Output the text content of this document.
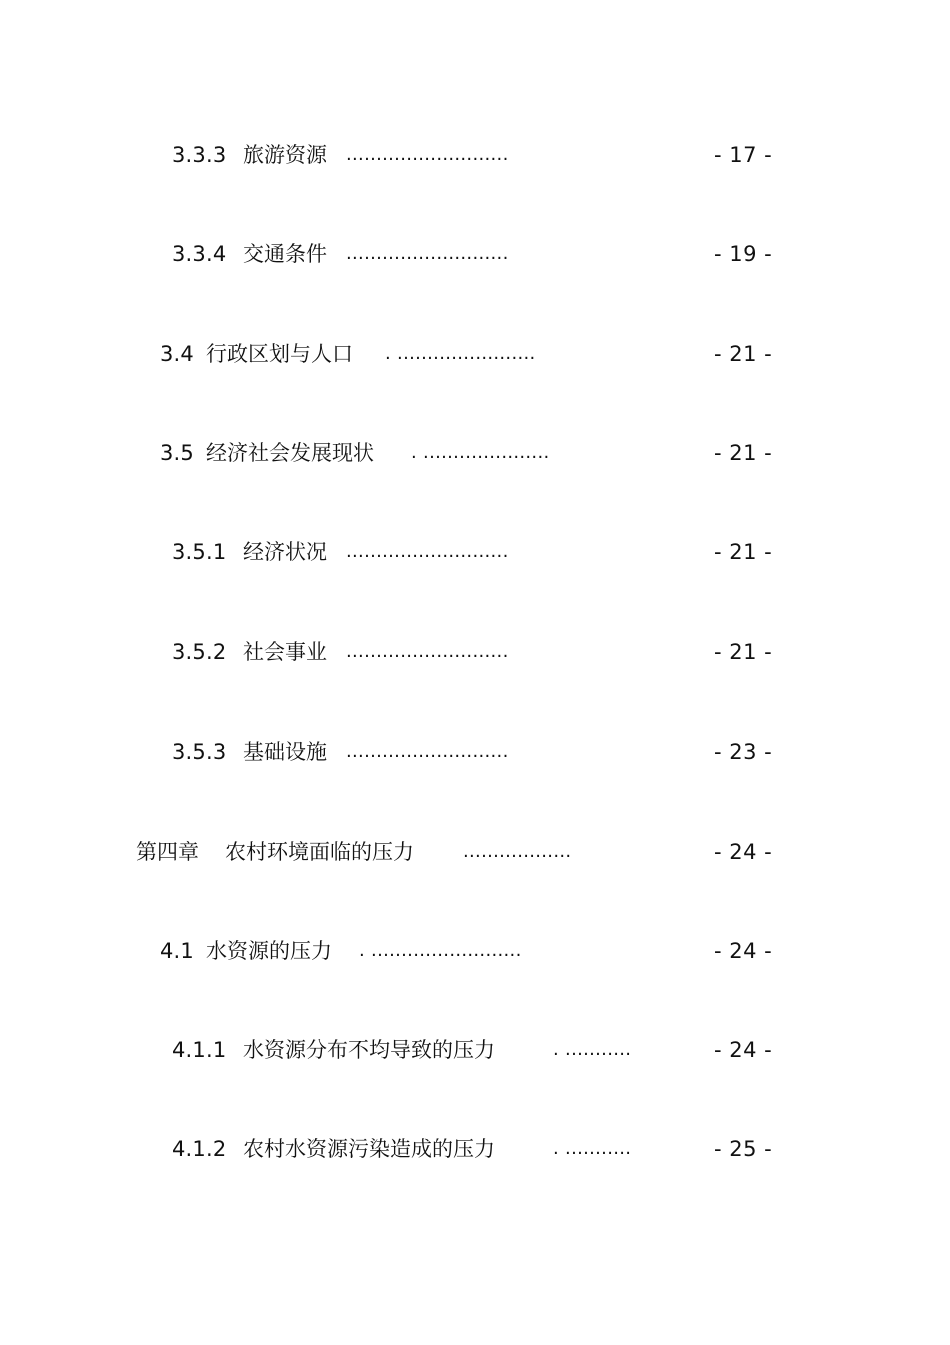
3.3.3 旅游资源 ...........................	- 17 -
3.3.4 交通条件 ...........................	- 19 -
3.4 行政区划与人口 . .......................	- 21 -
3.5 经济社会发展现状 . .....................	- 21 -
3.5.1 经济状况 ...........................	- 21 -
3.5.2 社会事业 ...........................	- 21 -
3.5.3 基础设施 ...........................	- 23 -
第四章 农村环境面临的压力	..................	- 24 -
4.1 水资源的压力 . .........................	- 24 -
4.1.1 水资源分布不均导致的压力	. ...........	- 24 -
4.1.2 农村水资源污染造成的压力	. ...........	- 25 -
